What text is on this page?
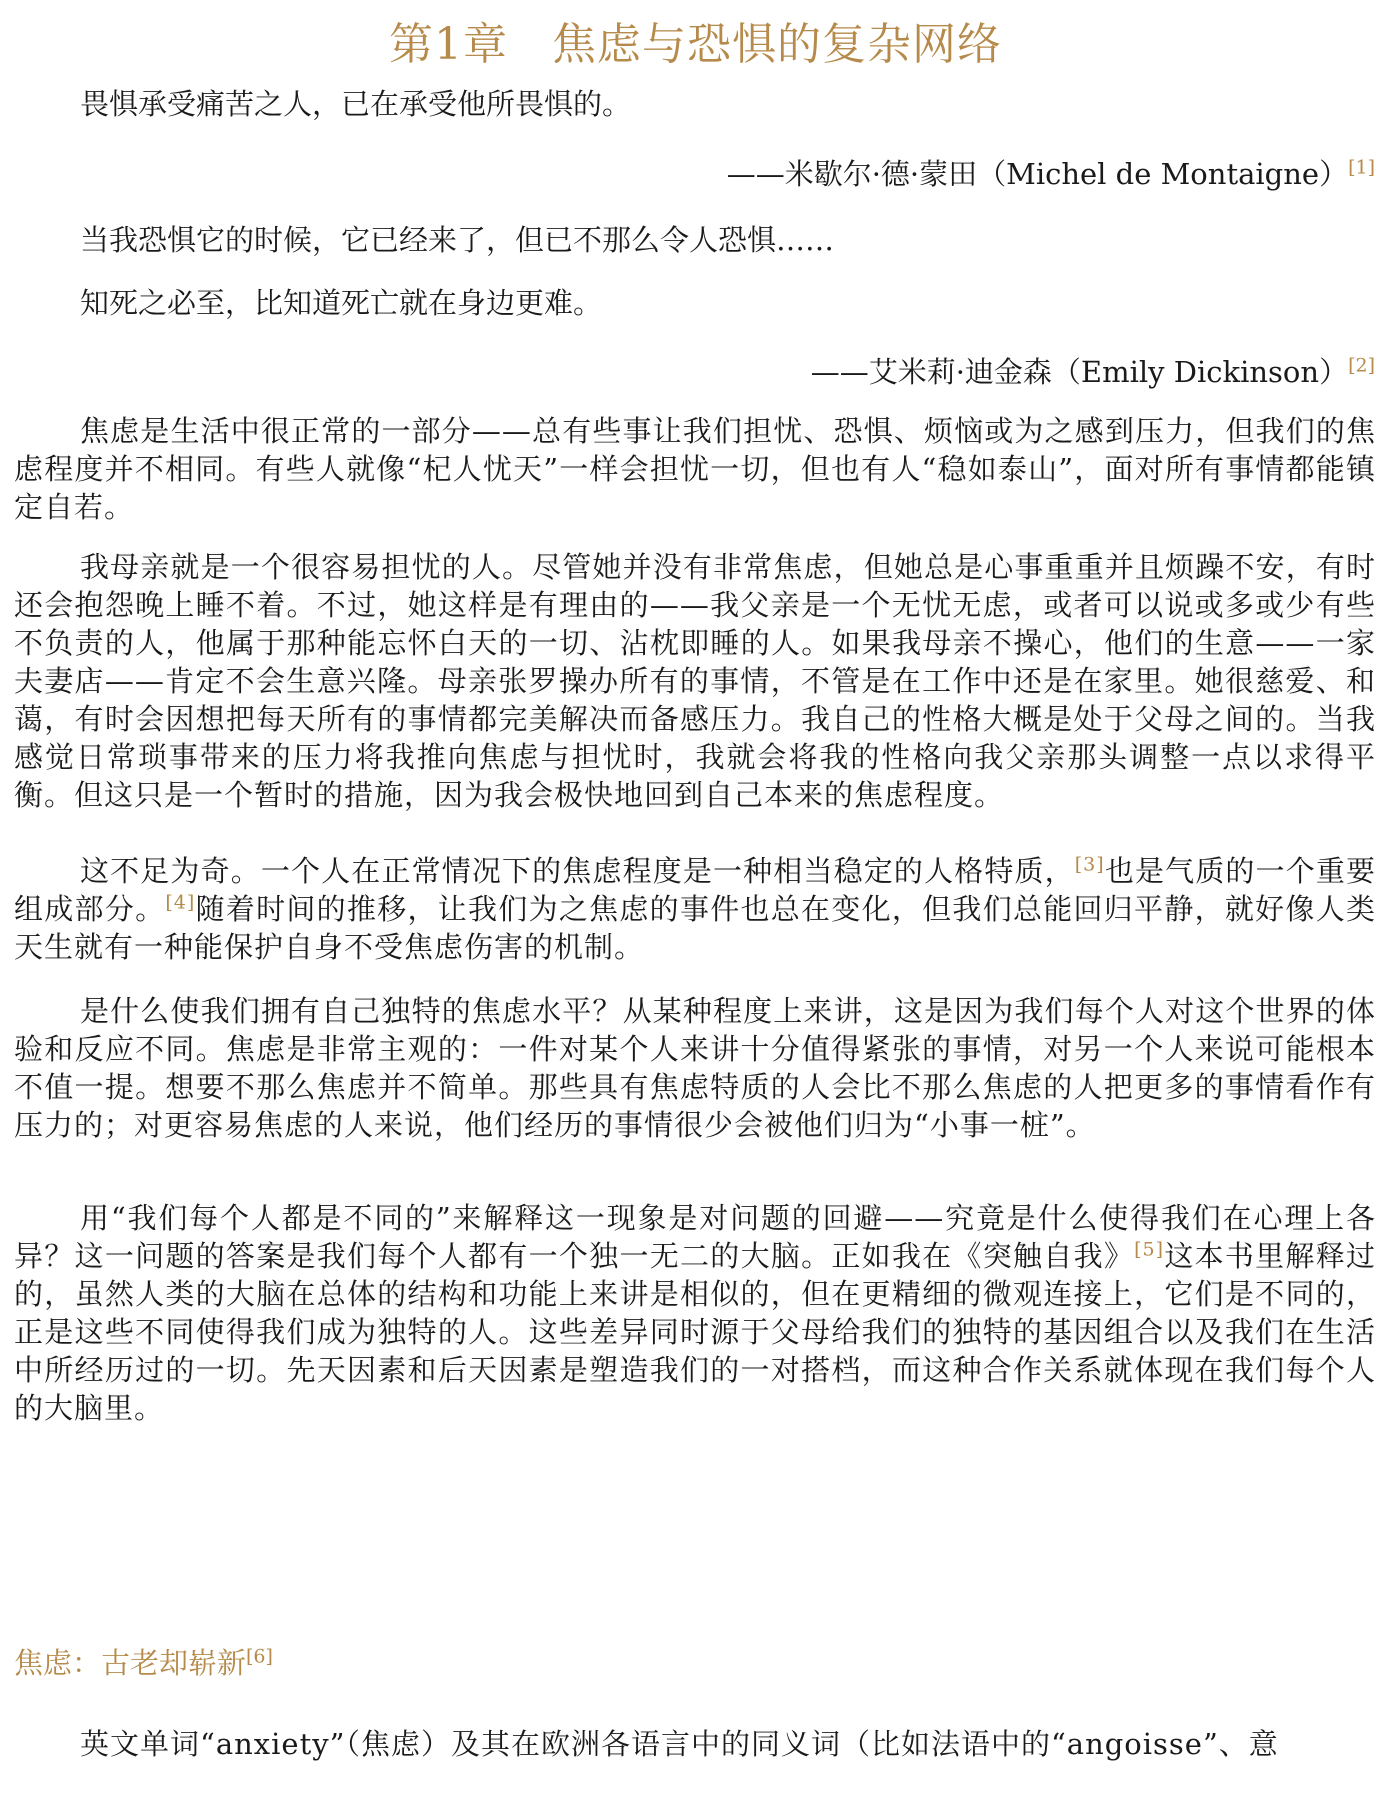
第1章 焦虑与恐惧的复杂网络

畏惧承受痛苦之人，已在承受他所畏惧的。

——米歇尔·德·蒙田（Michel de Montaigne）[1]

当我恐惧它的时候，它已经来了，但已不那么令人恐惧……

知死之必至，比知道死亡就在身边更难。

——艾米莉·迪金森（Emily Dickinson）[2]

焦虑是生活中很正常的一部分——总有些事让我们担忧、恐惧、烦恼或为之感到压力，但我们的焦虑程度并不相同。有些人就像“杞人忧天”一样会担忧一切，但也有人“稳如泰山”，面对所有事情都能镇定自若。

我母亲就是一个很容易担忧的人。尽管她并没有非常焦虑，但她总是心事重重并且烦躁不安，有时还会抱怨晚上睡不着。不过，她这样是有理由的——我父亲是一个无忧无虑，或者可以说或多或少有些不负责的人，他属于那种能忘怀白天的一切、沾枕即睡的人。如果我母亲不操心，他们的生意——一家夫妻店——肯定不会生意兴隆。母亲张罗操办所有的事情，不管是在工作中还是在家里。她很慈爱、和蔼，有时会因想把每天所有的事情都完美解决而备感压力。我自己的性格大概是处于父母之间的。当我感觉日常琐事带来的压力将我推向焦虑与担忧时，我就会将我的性格向我父亲那头调整一点以求得平衡。但这只是一个暂时的措施，因为我会极快地回到自己本来的焦虑程度。

这不足为奇。一个人在正常情况下的焦虑程度是一种相当稳定的人格特质，[3]也是气质的一个重要组成部分。[4]随着时间的推移，让我们为之焦虑的事件也总在变化，但我们总能回归平静，就好像人类天生就有一种能保护自身不受焦虑伤害的机制。

是什么使我们拥有自己独特的焦虑水平？从某种程度上来讲，这是因为我们每个人对这个世界的体验和反应不同。焦虑是非常主观的：一件对某个人来讲十分值得紧张的事情，对另一个人来说可能根本不值一提。想要不那么焦虑并不简单。那些具有焦虑特质的人会比不那么焦虑的人把更多的事情看作有压力的；对更容易焦虑的人来说，他们经历的事情很少会被他们归为“小事一桩”。

用“我们每个人都是不同的”来解释这一现象是对问题的回避——究竟是什么使得我们在心理上各异？这一问题的答案是我们每个人都有一个独一无二的大脑。正如我在《突触自我》[5]这本书里解释过的，虽然人类的大脑在总体的结构和功能上来讲是相似的，但在更精细的微观连接上，它们是不同的，正是这些不同使得我们成为独特的人。这些差异同时源于父母给我们的独特的基因组合以及我们在生活中所经历过的一切。先天因素和后天因素是塑造我们的一对搭档，而这种合作关系就体现在我们每个人的大脑里。

焦虑：古老却崭新[6]

英文单词“anxiety”（焦虑）及其在欧洲各语言中的同义词（比如法语中的“angoisse”、意
